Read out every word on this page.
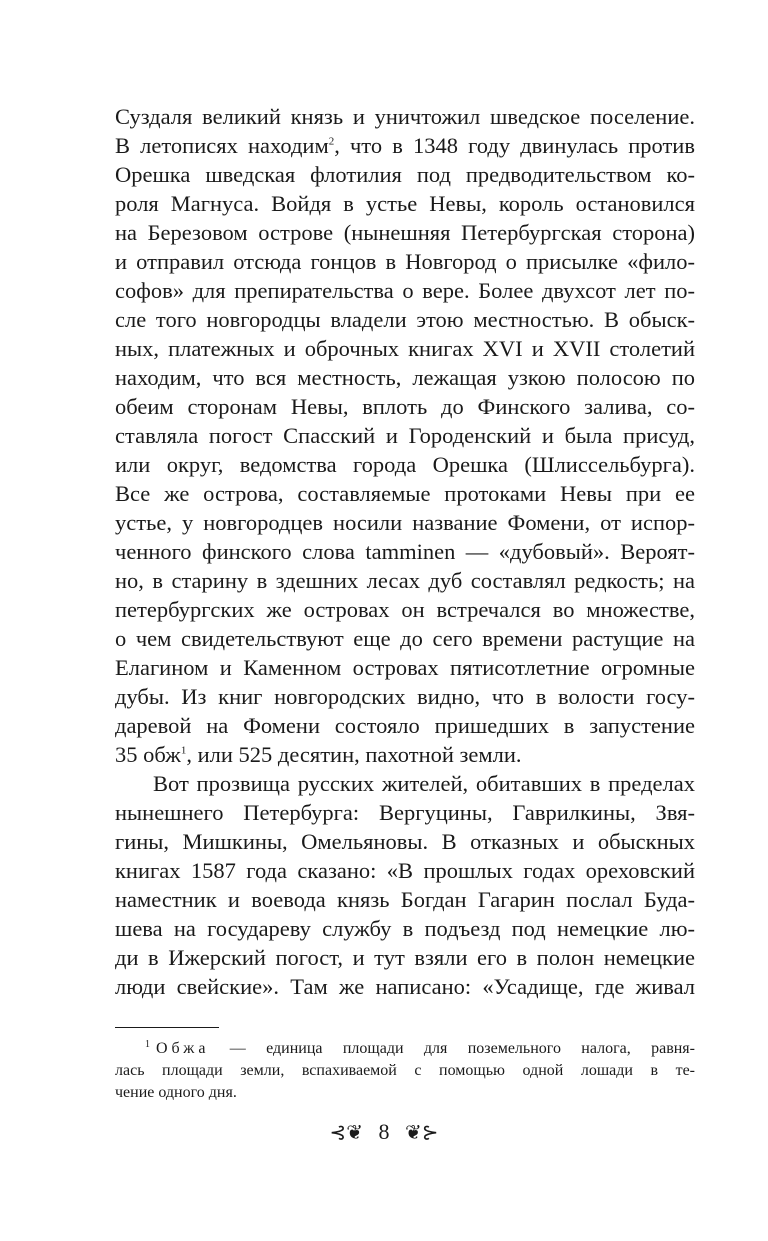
Суздаля великий князь и уничтожил шведское поселение.
В летописях находим$^2$, что в 1348 году двинулась против
Орешка шведская флотилия под предводительством ко-
роля Магнуса. Войдя в устье Невы, король остановился
на Березовом острове (нынешняя Петербургская сторона)
и отправил отсюда гонцов в Новгород о присылке «фило-
софов» для препирательства о вере. Более двухсот лет по-
сле того новгородцы владели этою местностью. В обыск-
ных, платежных и оброчных книгах XVI и XVII столетий
находим, что вся местность, лежащая узкою полосою по
обеим сторонам Невы, вплоть до Финского залива, со-
ставляла погост Спасский и Городенский и была присуд,
или округ, ведомства города Орешка (Шлиссельбурга).
Все же острова, составляемые протоками Невы при ее
устье, у новгородцев носили название Фомени, от испор-
ченного финского слова tamminen — «дубовый». Вероят-
но, в старину в здешних лесах дуб составлял редкость; на
петербургских же островах он встречался во множестве,
о чем свидетельствуют еще до сего времени растущие на
Елагином и Каменном островах пятисотлетние огромные
дубы. Из книг новгородских видно, что в волости госу-
даревой на Фомени состояло пришедших в запустение
35 обж$^1$, или 525 десятин, пахотной земли.
Вот прозвища русских жителей, обитавших в пределах
нынешнего Петербурга: Вергуцины, Гаврилкины, Звя-
гины, Мишкины, Омельяновы. В отказных и обыскных
книгах 1587 года сказано: «В прошлых годах ореховский
наместник и воевода князь Богдан Гагарин послал Буда-
шева на государеву службу в подъезд под немецкие лю-
ди в Ижерский погост, и тут взяли его в полон немецкие
люди свейские». Там же написано: «Усадище, где живал
$^1$ Обжа — единица площади для поземельного налога, равня-
лась площади земли, вспахиваемой с помощью одной лошади в те-
чение одного дня.
⊰❦ 8 ❦⊱
